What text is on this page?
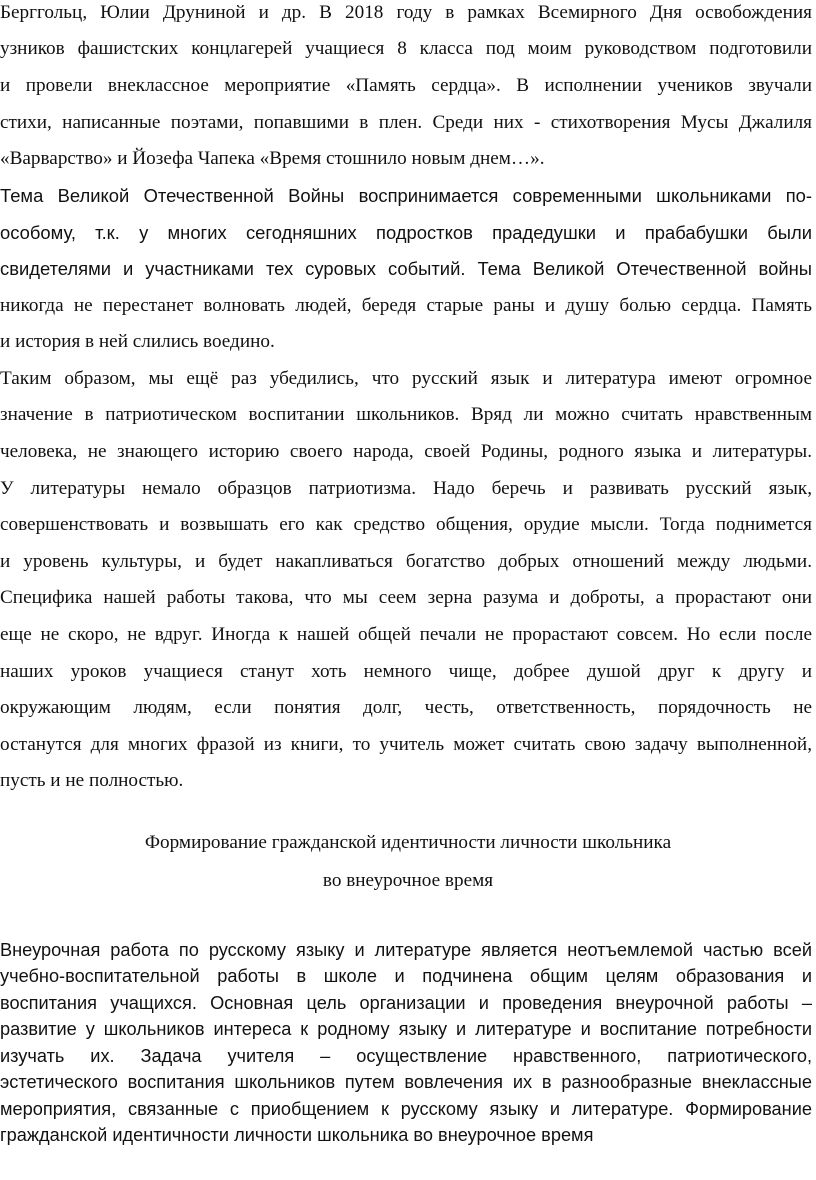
Берггольц, Юлии Друниной и др. В 2018 году в рамках Всемирного Дня освобождения
узников фашистских концлагерей учащиеся 8 класса под моим руководством подготовили
и провели внеклассное мероприятие «Память сердца». В исполнении учеников звучали
стихи, написанные поэтами, попавшими в плен. Среди них - стихотворения Мусы Джалиля
«Варварство» и Йозефа Чапека «Время стошнило новым днем…».
Тема Великой Отечественной Войны воспринимается современными школьниками по-
особому, т.к. у многих сегодняшних подростков прадедушки и прабабушки были
свидетелями и участниками тех суровых событий. Тема Великой Отечественной войны
никогда не перестанет волновать людей, бередя старые раны и душу болью сердца. Память
и история в ней слились воедино.
Таким образом, мы ещё раз убедились, что русский язык и литература имеют огромное
значение в патриотическом воспитании школьников. Вряд ли можно считать нравственным
человека, не знающего историю своего народа, своей Родины, родного языка и литературы.
У литературы немало образцов патриотизма. Надо беречь и развивать русский язык,
совершенствовать и возвышать его как средство общения, орудие мысли. Тогда поднимется
и уровень культуры, и будет накапливаться богатство добрых отношений между людьми.
Специфика нашей работы такова, что мы сеем зерна разума и доброты, а прорастают они
еще не скоро, не вдруг. Иногда к нашей общей печали не прорастают совсем. Но если после
наших уроков учащиеся станут хоть немного чище, добрее душой друг к другу и
окружающим людям, если понятия долг, честь, ответственность, порядочность не
останутся для многих фразой из книги, то учитель может считать свою задачу выполненной,
пусть и не полностью.
Формирование гражданской идентичности личности школьника
во внеурочное время
Внеурочная работа по русскому языку и литературе является неотъемлемой частью всей
учебно-воспитательной работы в школе и подчинена общим целям образования и
воспитания учащихся. Основная цель организации и проведения внеурочной работы –
развитие у школьников интереса к родному языку и литературе и воспитание потребности
изучать их. Задача учителя – осуществление нравственного, патриотического,
эстетического воспитания школьников путем вовлечения их в разнообразные внеклассные
мероприятия, связанные с приобщением к русскому языку и литературе. Формирование
гражданской идентичности личности школьника во внеурочное время
